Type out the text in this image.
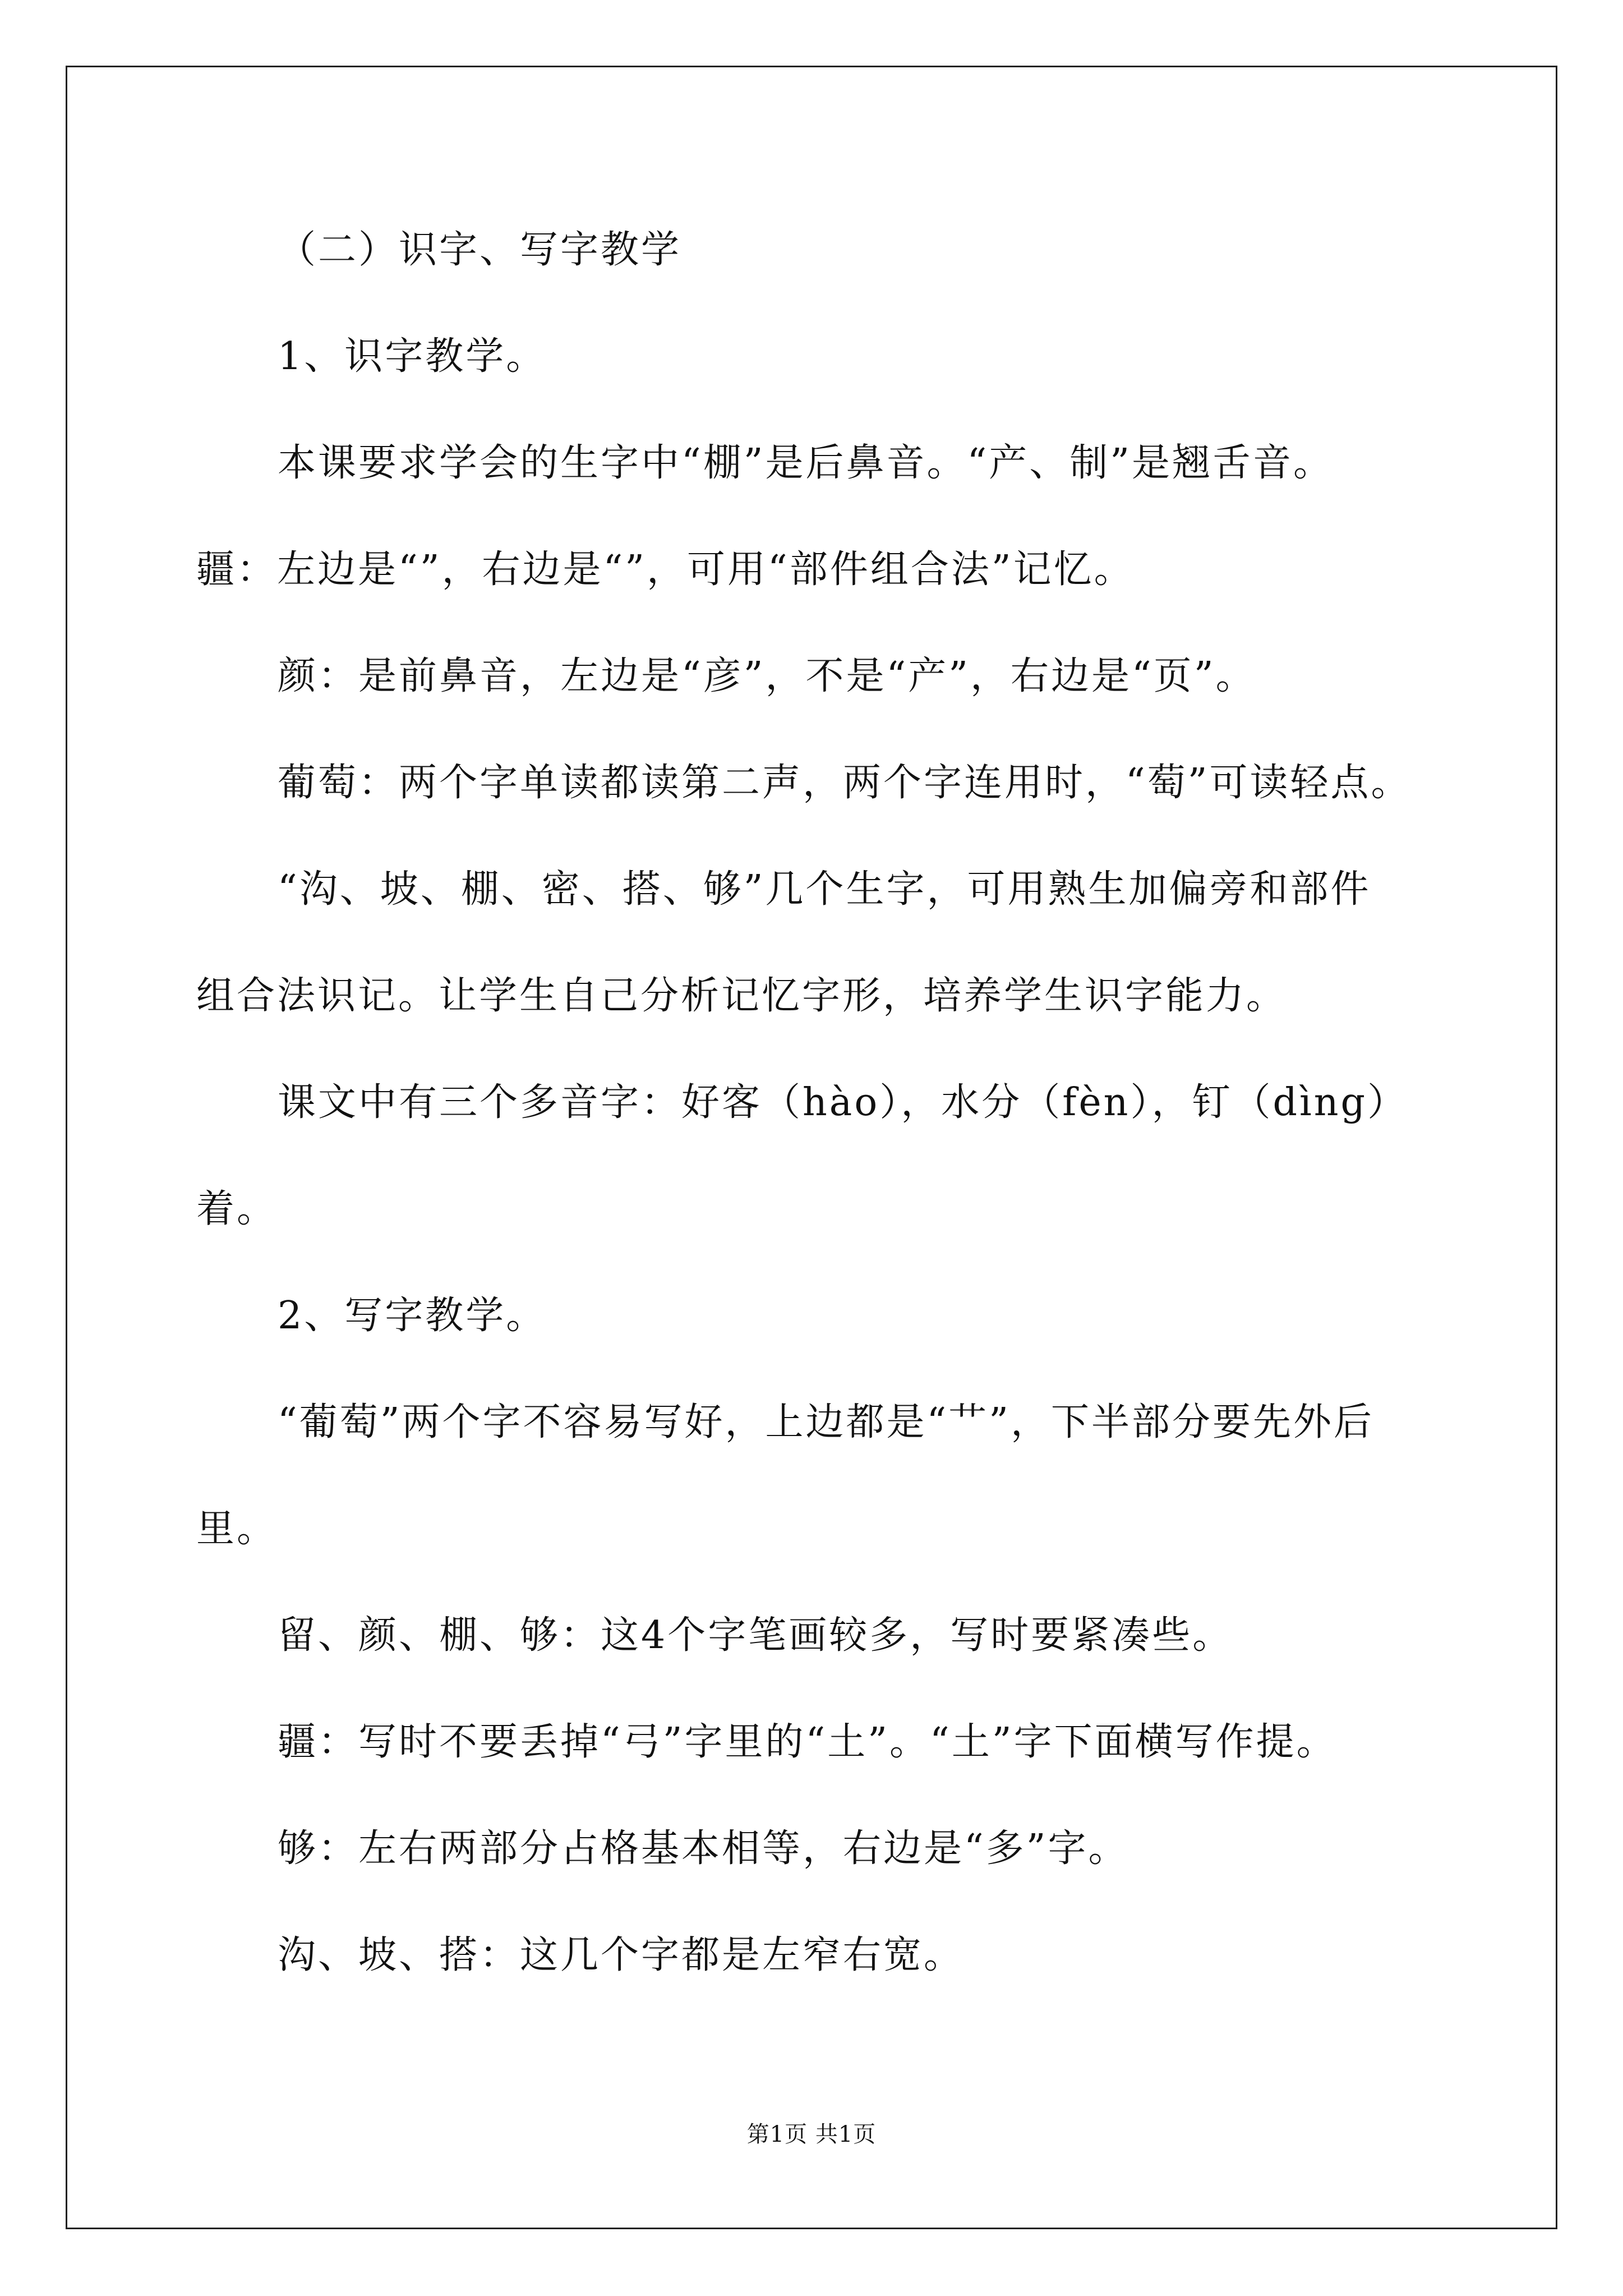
（二）识字、写字教学
1、识字教学。
本课要求学会的生字中“棚”是后鼻音。“产、制”是翘舌音。
疆：左边是“”，右边是“”，可用“部件组合法”记忆。
颜：是前鼻音，左边是“彦”，不是“产”，右边是“页”。
葡萄：两个字单读都读第二声，两个字连用时，“萄”可读轻点。
“沟、坡、棚、密、搭、够”几个生字，可用熟生加偏旁和部件
组合法识记。让学生自己分析记忆字形，培养学生识字能力。
课文中有三个多音字：好客（hào），水分（fèn），钉（dìng）
着。
2、写字教学。
“葡萄”两个字不容易写好，上边都是“艹”，下半部分要先外后
里。
留、颜、棚、够：这4个字笔画较多，写时要紧凑些。
疆：写时不要丢掉“弓”字里的“土”。“土”字下面横写作提。
够：左右两部分占格基本相等，右边是“多”字。
沟、坡、搭：这几个字都是左窄右宽。
第1页 共1页
